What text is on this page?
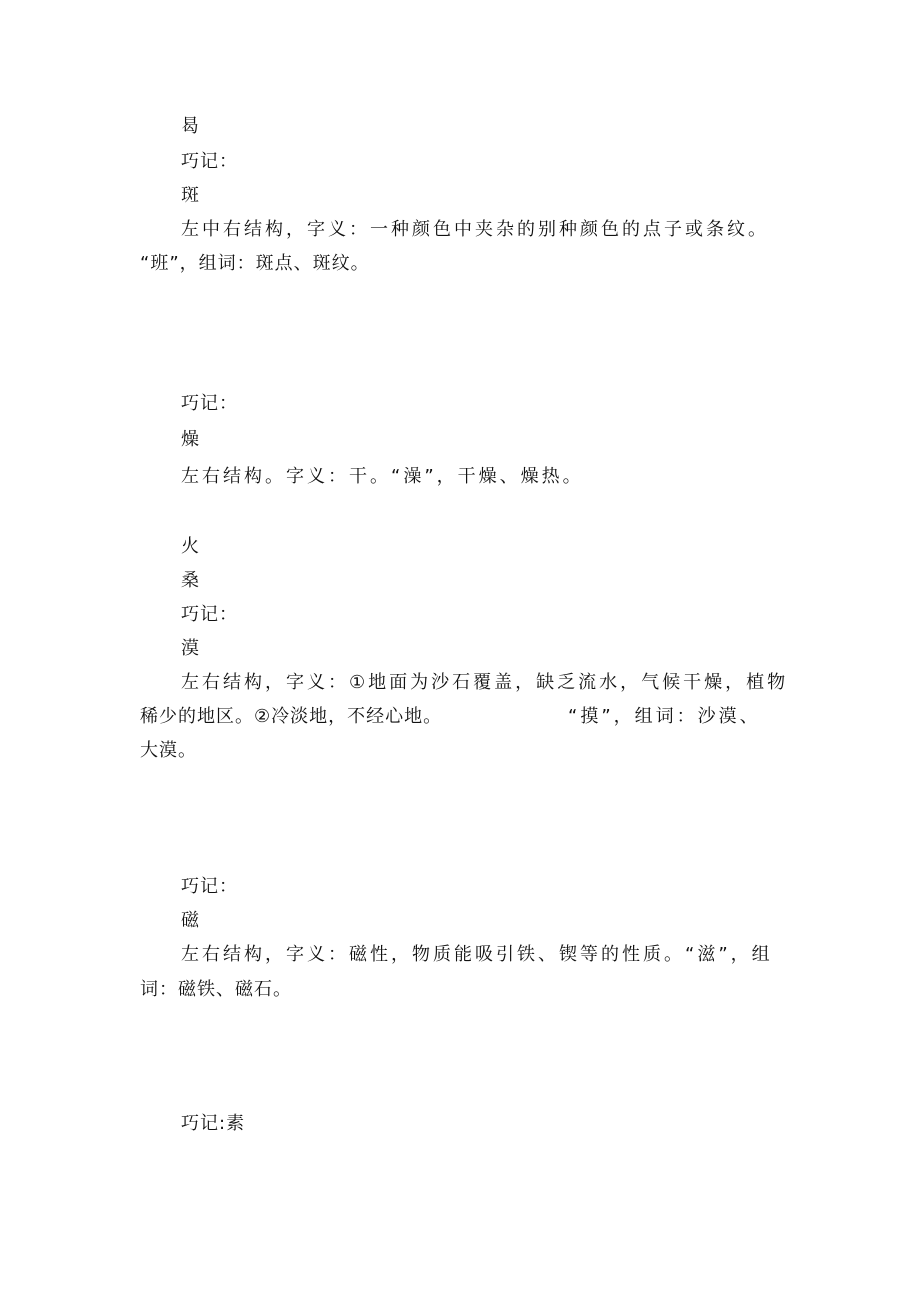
曷

巧记：

斑

左中右结构，字义：一种颜色中夹杂的别种颜色的点子或条纹。

“班”，组词：斑点、斑纹。

巧记：

燥

左右结构。字义：干。“澡”，干燥、燥热。

火

桑

巧记：

漠

左右结构，字义：①地面为沙石覆盖，缺乏流水，气候干燥，植物

稀少的地区。②冷淡地，不经心地。	“摸”，组词：沙漠、

大漠。

巧记：

磁

左右结构，字义：磁性，物质能吸引铁、锲等的性质。“滋”，组

词：磁铁、磁石。

巧记:素
